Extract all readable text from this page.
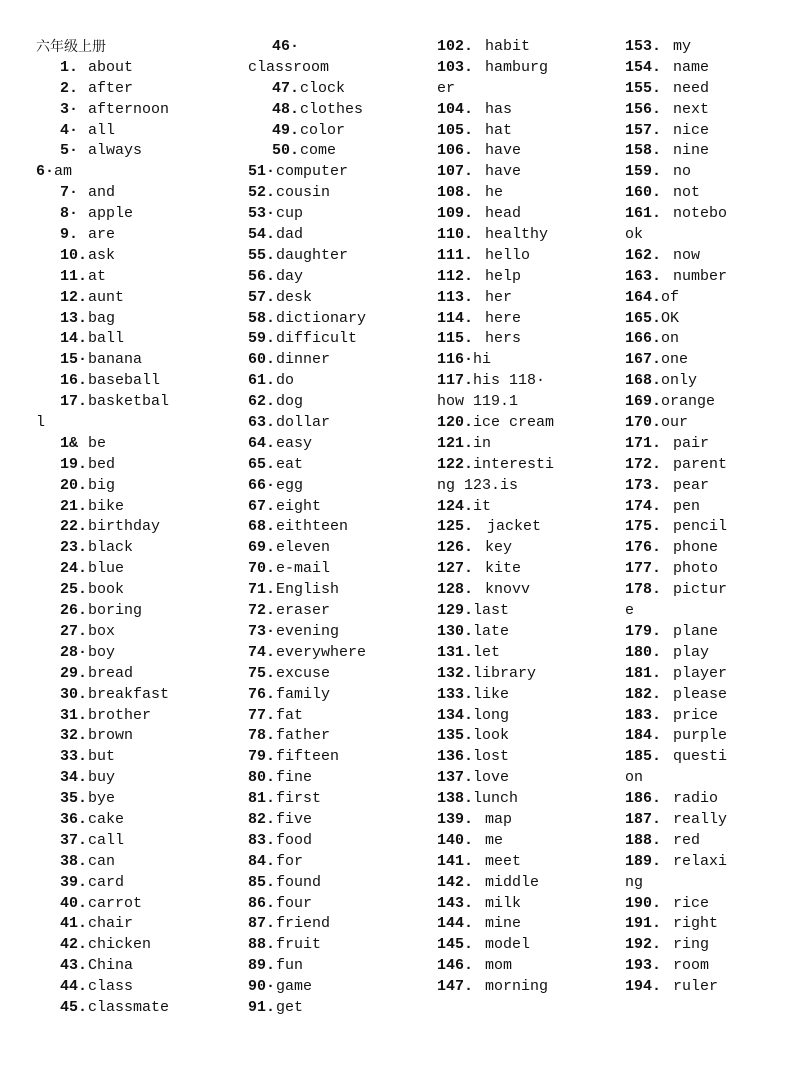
六年级上册
1. about
2. after
3· afternoon
4· all
5· always
6·am
7· and
8· apple
9. are
10.ask
11.at
12.aunt
13.bag
14.ball
15·banana
16.baseball
17.basketbal
l
1& be
19.bed
20.big
21.bike
22.birthday
23.black
24.blue
25.book
26.boring
27.box
28·boy
29.bread
30.breakfast
31.brother
32.brown
33.but
34.buy
35.bye
36.cake
37.call
38.can
39.card
40.carrot
41.chair
42.chicken
43.China
44.class
45.classmate
46·
classroom
47.clock
48.clothes
49.color
50.come
51·computer
52.cousin
53·cup
54.dad
55.daughter
56.day
57.desk
58.dictionary
59.difficult
60.dinner
61.do
62.dog
63.dollar
64.easy
65.eat
66·egg
67.eight
68.eithteen
69.eleven
70.e-mail
71.English
72.eraser
73·evening
74.everywhere
75.excuse
76.family
77.fat
78.father
79.fifteen
80.fine
81.first
82.five
83.food
84.for
85.found
86.four
87.friend
88.fruit
89.fun
90·game
91.get
102. habit
103. hamburg
er
104. has
105. hat
106. have
107. have
108. he
109. head
110. healthy
111. hello
112. help
113. her
114. here
115. hers
116·hi
117.his 118·
how 119.1
120.ice cream
121.in
122.interesti
ng 123.is
124.it
125. jacket
126. key
127. kite
128. knovv
129.last
130.late
131.let
132.library
133.like
134.long
135.look
136.lost
137.love
138.lunch
139. map
140. me
141. meet
142. middle
143. milk
144. mine
145. model
146. mom
147. morning
153. my
154. name
155. need
156. next
157. nice
158. nine
159. no
160. not
161. notebo
ok
162. now
163. number
164.of
165.OK
166.on
167.one
168.only
169.orange
170.our
171. pair
172. parent
173. pear
174. pen
175. pencil
176. phone
177. photo
178. pictur
e
179. plane
180. play
181. player
182. please
183. price
184. purple
185. questi
on
186. radio
187. really
188. red
189. relaxi
ng
190. rice
191. right
192. ring
193. room
194. ruler
